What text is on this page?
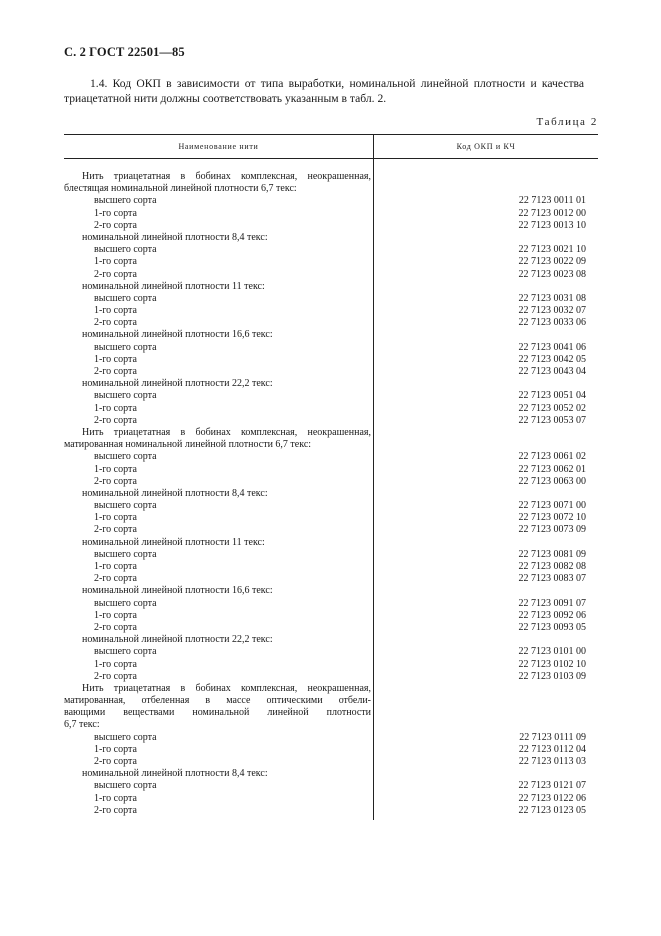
С. 2 ГОСТ 22501—85

1.4. Код ОКП в зависимости от типа выработки, номинальной линейной плотности и качества
триацетатной нити должны соответствовать указанным в табл. 2.

Таблица 2
Наименование нити	Код ОКП и КЧ
Нить триацетатная в бобинах комплексная, неокрашенная,
блестящая номинальной линейной плотности 6,7 текс:
высшего сорта	22 7123 0011 01
1-го сорта	22 7123 0012 00
2-го сорта	22 7123 0013 10
номинальной линейной плотности 8,4 текс:
высшего сорта	22 7123 0021 10
1-го сорта	22 7123 0022 09
2-го сорта	22 7123 0023 08
номинальной линейной плотности 11 текс:
высшего сорта	22 7123 0031 08
1-го сорта	22 7123 0032 07
2-го сорта	22 7123 0033 06
номинальной линейной плотности 16,6 текс:
высшего сорта	22 7123 0041 06
1-го сорта	22 7123 0042 05
2-го сорта	22 7123 0043 04
номинальной линейной плотности 22,2 текс:
высшего сорта	22 7123 0051 04
1-го сорта	22 7123 0052 02
2-го сорта	22 7123 0053 07
Нить триацетатная в бобинах комплексная, неокрашенная,
матированная номинальной линейной плотности 6,7 текс:
высшего сорта	22 7123 0061 02
1-го сорта	22 7123 0062 01
2-го сорта	22 7123 0063 00
номинальной линейной плотности 8,4 текс:
высшего сорта	22 7123 0071 00
1-го сорта	22 7123 0072 10
2-го сорта	22 7123 0073 09
номинальной линейной плотности 11 текс:
высшего сорта	22 7123 0081 09
1-го сорта	22 7123 0082 08
2-го сорта	22 7123 0083 07
номинальной линейной плотности 16,6 текс:
высшего сорта	22 7123 0091 07
1-го сорта	22 7123 0092 06
2-го сорта	22 7123 0093 05
номинальной линейной плотности 22,2 текс:
высшего сорта	22 7123 0101 00
1-го сорта	22 7123 0102 10
2-го сорта	22 7123 0103 09
Нить триацетатная в бобинах комплексная, неокрашенная,
матированная, отбеленная в массе оптическими отбели-
вающими веществами номинальной линейной плотности
6,7 текс:
высшего сорта	22 7123 0111 09
1-го сорта	22 7123 0112 04
2-го сорта	22 7123 0113 03
номинальной линейной плотности 8,4 текс:
высшего сорта	22 7123 0121 07
1-го сорта	22 7123 0122 06
2-го сорта	22 7123 0123 05
